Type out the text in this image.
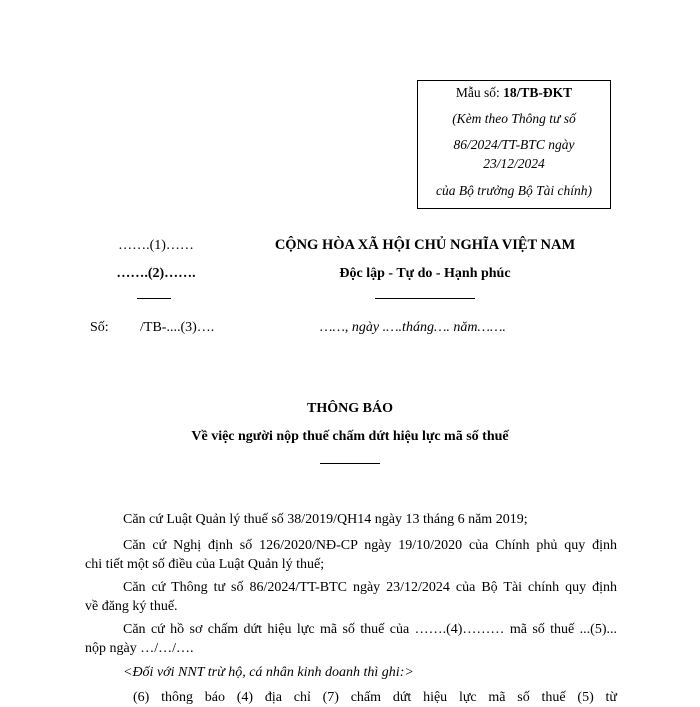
Mẫu số: 18/TB-ĐKT
(Kèm theo Thông tư số
86/2024/TT-BTC ngày
23/12/2024
của Bộ trưởng Bộ Tài chính)
…….(1)……
…….(2)…….
CỘNG HÒA XÃ HỘI CHỦ NGHĨA VIỆT NAM
Độc lập - Tự do - Hạnh phúc
Số: /TB-....(3)….	……, ngày .….tháng…. năm…….
THÔNG BÁO
Về việc người nộp thuế chấm dứt hiệu lực mã số thuế
Căn cứ Luật Quản lý thuế số 38/2019/QH14 ngày 13 tháng 6 năm 2019;
Căn cứ Nghị định số 126/2020/NĐ-CP ngày 19/10/2020 của Chính phủ quy định
chi tiết một số điều của Luật Quản lý thuế;
Căn cứ Thông tư số 86/2024/TT-BTC ngày 23/12/2024 của Bộ Tài chính quy định
về đăng ký thuế.
Căn cứ hồ sơ chấm dứt hiệu lực mã số thuế của …….(4)……… mã số thuế ...(5)...
nộp ngày …/…/….
<Đối với NNT trừ hộ, cá nhân kinh doanh thì ghi:>
(6) thông báo (4) địa chỉ (7) chấm dứt hiệu lực mã số thuế (5) từ
